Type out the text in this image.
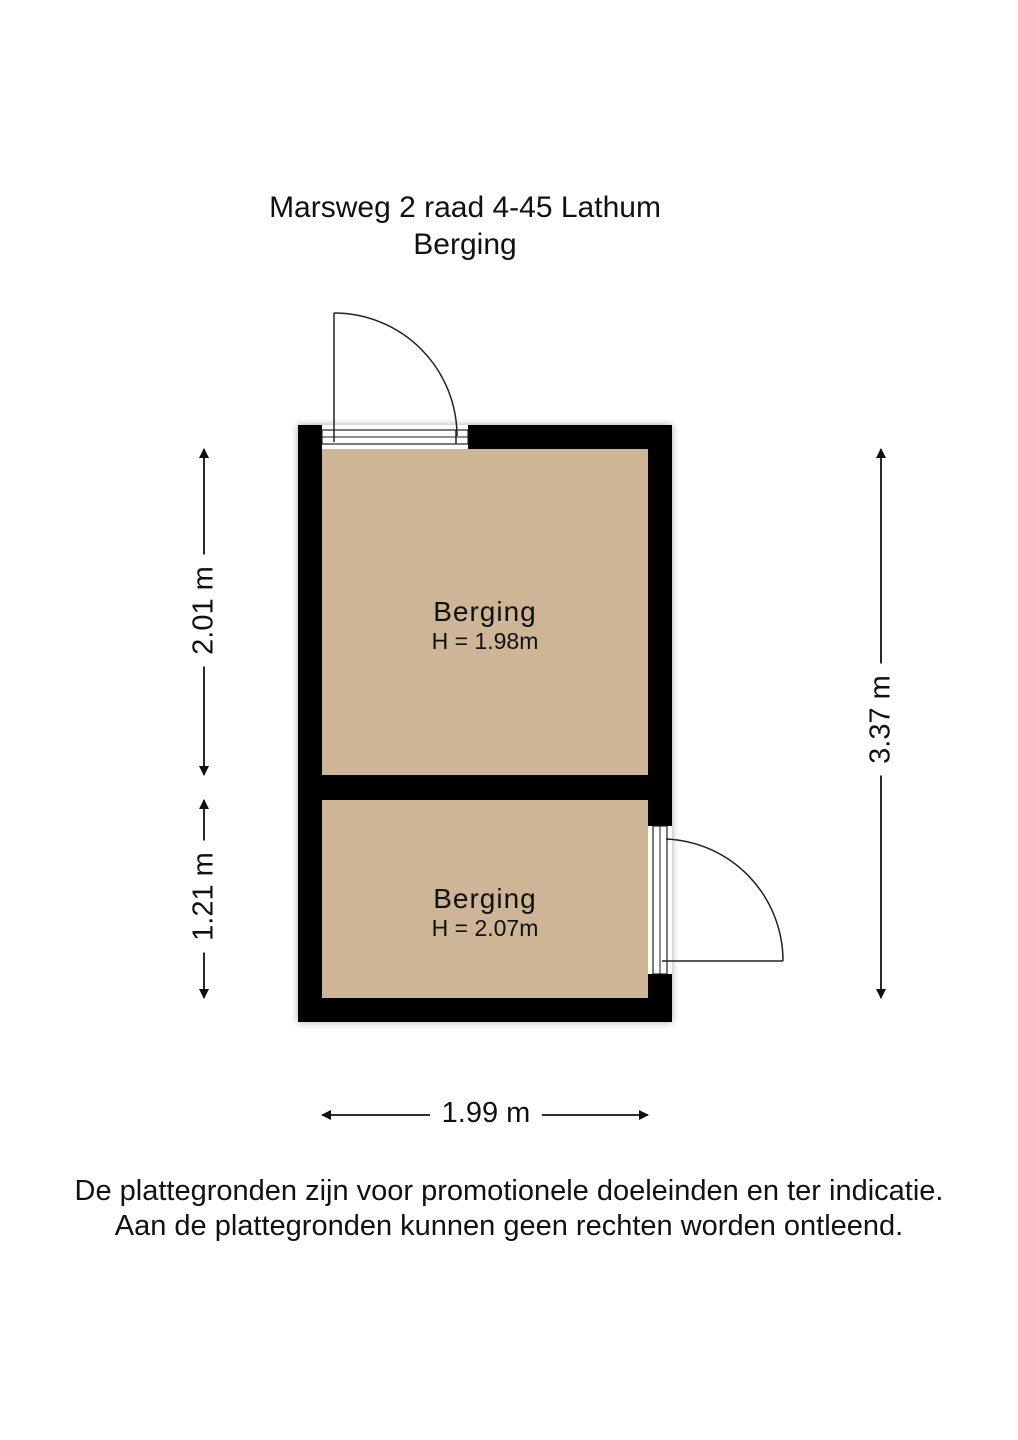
Marsweg 2 raad 4-45 Lathum
Berging
Berging
H = 1.98m
Berging
H = 2.07m
2.01 m
1.21 m
3.37 m
1.99 m
De plattegronden zijn voor promotionele doeleinden en ter indicatie.
Aan de plattegronden kunnen geen rechten worden ontleend.
